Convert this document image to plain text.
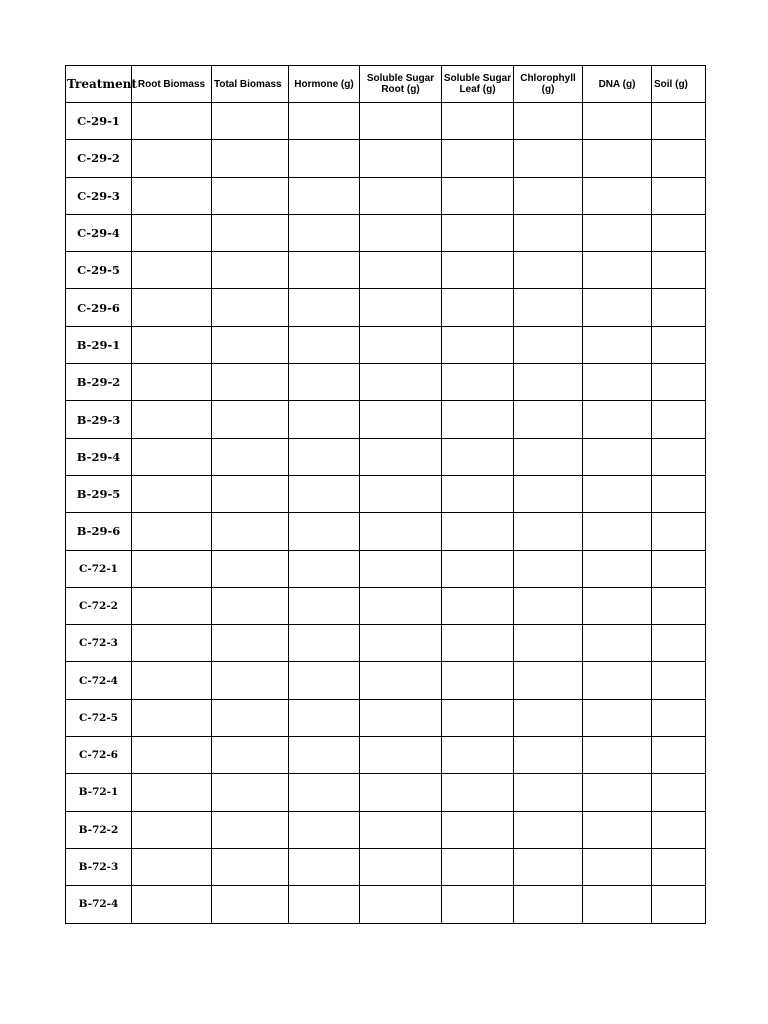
Treatment	Root Biomass	Total Biomass	Hormone (g)	Soluble Sugar Root (g)	Soluble Sugar Leaf (g)	Chlorophyll (g)	DNA (g)	Soil (g)
C-29-1								
C-29-2								
C-29-3								
C-29-4								
C-29-5								
C-29-6								
B-29-1								
B-29-2								
B-29-3								
B-29-4								
B-29-5								
B-29-6								
C-72-1								
C-72-2								
C-72-3								
C-72-4								
C-72-5								
C-72-6								
B-72-1								
B-72-2								
B-72-3								
B-72-4								
